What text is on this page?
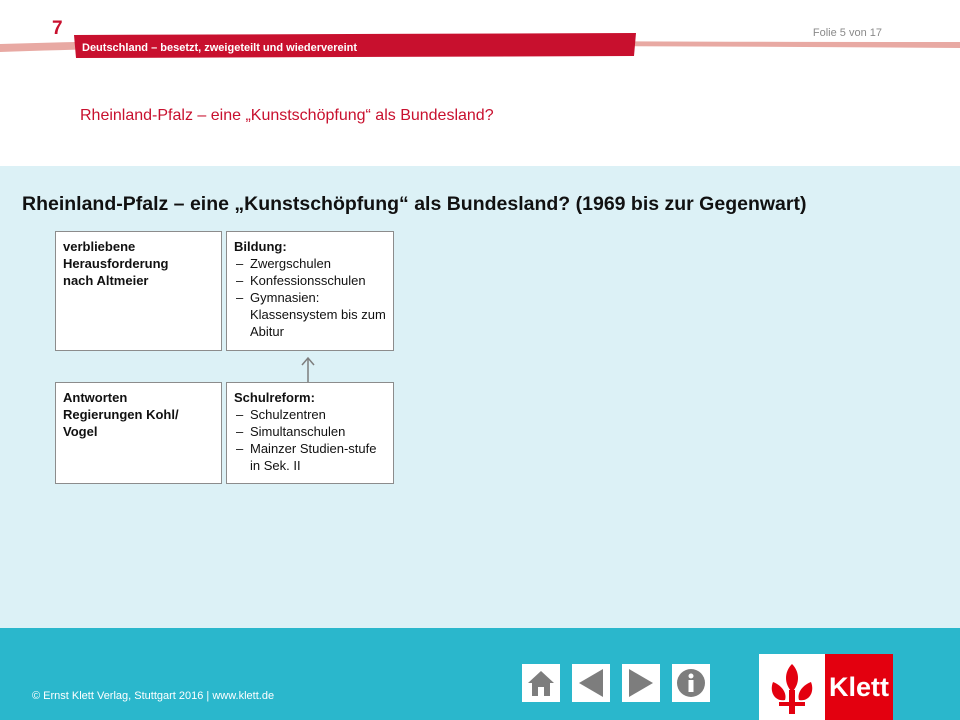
7	Folie 5 von 17
Deutschland – besetzt, zweigeteilt und wiedervereint
Rheinland-Pfalz – eine „Kunstschöpfung“ als Bundesland?
Rheinland-Pfalz – eine „Kunstschöpfung“ als Bundesland? (1969 bis zur Gegenwart)
verbliebene
Herausforderung
nach Altmeier
Bildung:
– Zwergschulen
– Konfessionsschulen
– Gymnasien: Klassensystem bis zum Abitur
Antworten
Regierungen Kohl/
Vogel
Schulreform:
– Schulzentren
– Simultanschulen
– Mainzer Studien-stufe in Sek. II
© Ernst Klett Verlag, Stuttgart 2016 | www.klett.de	Klett
